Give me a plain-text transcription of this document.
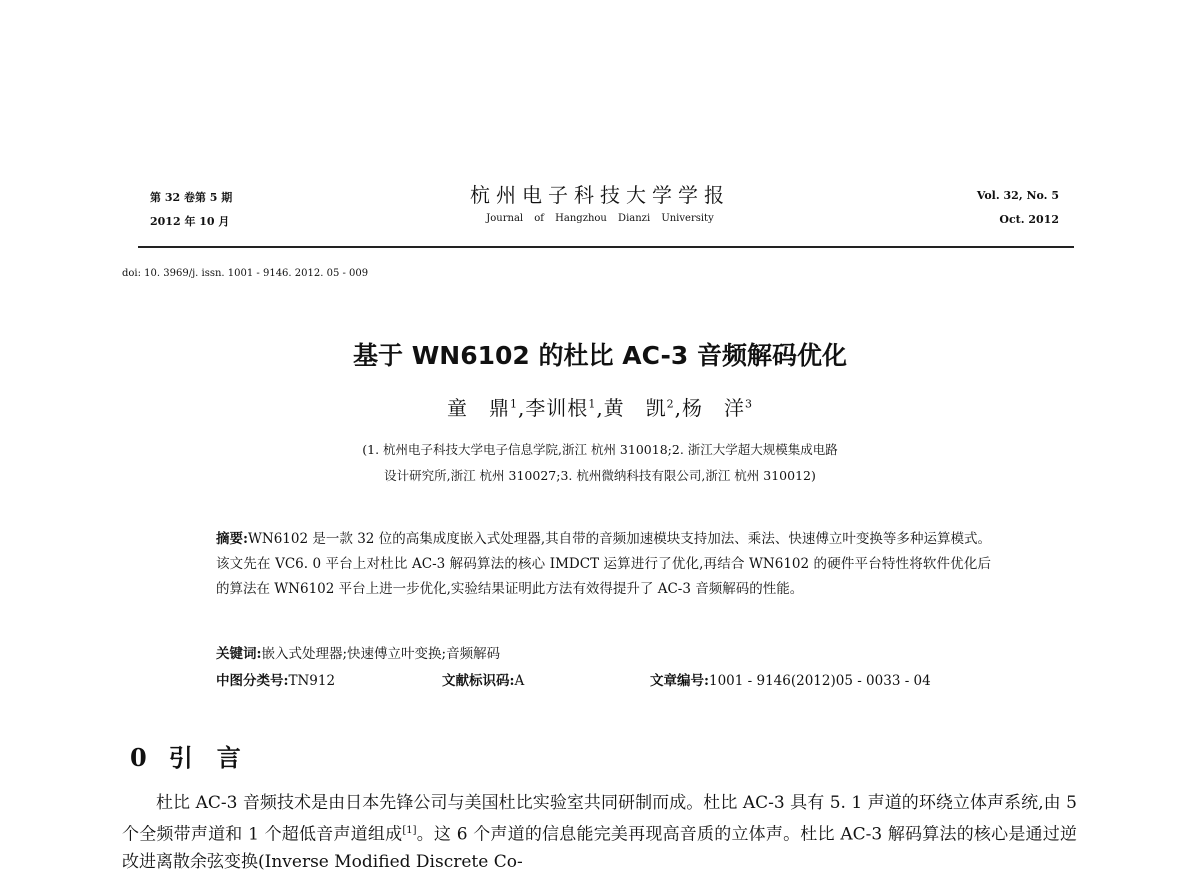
第 32 卷第 5 期
2012 年 10 月
杭州电子科技大学学报
Journal of Hangzhou Dianzi University
Vol. 32, No. 5
Oct. 2012
doi: 10. 3969/j. issn. 1001 - 9146. 2012. 05 - 009
基于 WN6102 的杜比 AC-3 音频解码优化
童　鼎$^1$,李训根$^1$,黄　凯$^2$,杨　洋$^3$
(1. 杭州电子科技大学电子信息学院,浙江 杭州 310018;2. 浙江大学超大规模集成电路
设计研究所,浙江 杭州 310027;3. 杭州微纳科技有限公司,浙江 杭州 310012)
摘要:WN6102 是一款 32 位的高集成度嵌入式处理器,其自带的音频加速模块支持加法、乘法、快速傅立叶变换等多种运算模式。该文先在 VC6. 0 平台上对杜比 AC-3 解码算法的核心 IMDCT 运算进行了优化,再结合 WN6102 的硬件平台特性将软件优化后的算法在 WN6102 平台上进一步优化,实验结果证明此方法有效得提升了 AC-3 音频解码的性能。
关键词:嵌入式处理器;快速傅立叶变换;音频解码
中图分类号:TN912	文献标识码:A	文章编号:1001 - 9146(2012)05 - 0033 - 04
0 引　言
杜比 AC-3 音频技术是由日本先锋公司与美国杜比实验室共同研制而成。杜比 AC-3 具有 5. 1 声道的环绕立体声系统,由 5 个全频带声道和 1 个超低音声道组成[1]。这 6 个声道的信息能完美再现高音质的立体声。杜比 AC-3 解码算法的核心是通过逆改进离散余弦变换(Inverse Modified Discrete Co-
